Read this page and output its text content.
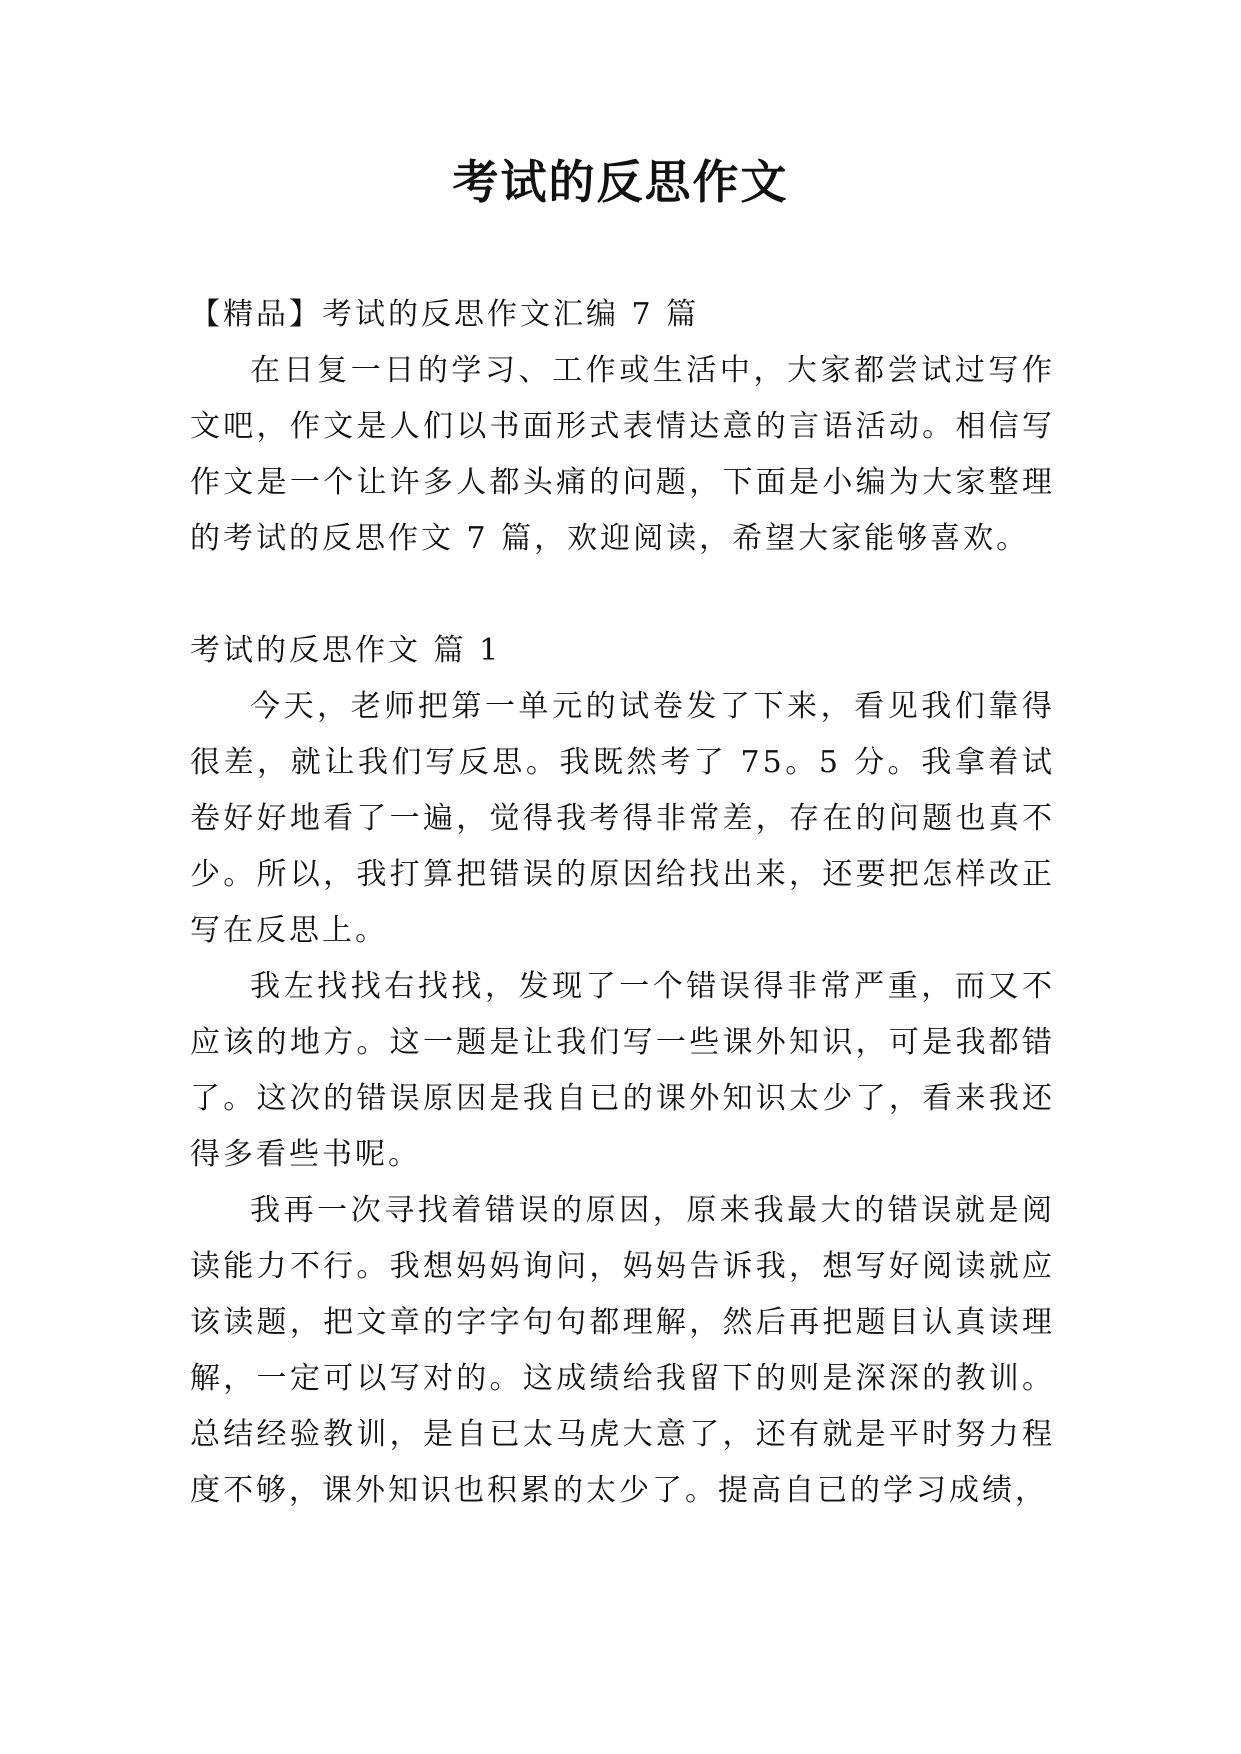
考试的反思作文

【精品】考试的反思作文汇编 7 篇

在日复一日的学习、工作或生活中，大家都尝试过写作文吧，作文是人们以书面形式表情达意的言语活动。相信写作文是一个让许多人都头痛的问题，下面是小编为大家整理的考试的反思作文 7 篇，欢迎阅读，希望大家能够喜欢。

考试的反思作文 篇 1

今天，老师把第一单元的试卷发了下来，看见我们靠得很差，就让我们写反思。我既然考了 75。5 分。我拿着试卷好好地看了一遍，觉得我考得非常差，存在的问题也真不少。所以，我打算把错误的原因给找出来，还要把怎样改正写在反思上。

我左找找右找找，发现了一个错误得非常严重，而又不应该的地方。这一题是让我们写一些课外知识，可是我都错了。这次的错误原因是我自已的课外知识太少了，看来我还得多看些书呢。

我再一次寻找着错误的原因，原来我最大的错误就是阅读能力不行。我想妈妈询问，妈妈告诉我，想写好阅读就应该读题，把文章的字字句句都理解，然后再把题目认真读理解，一定可以写对的。这成绩给我留下的则是深深的教训。总结经验教训，是自已太马虎大意了，还有就是平时努力程度不够，课外知识也积累的太少了。提高自已的学习成绩，
